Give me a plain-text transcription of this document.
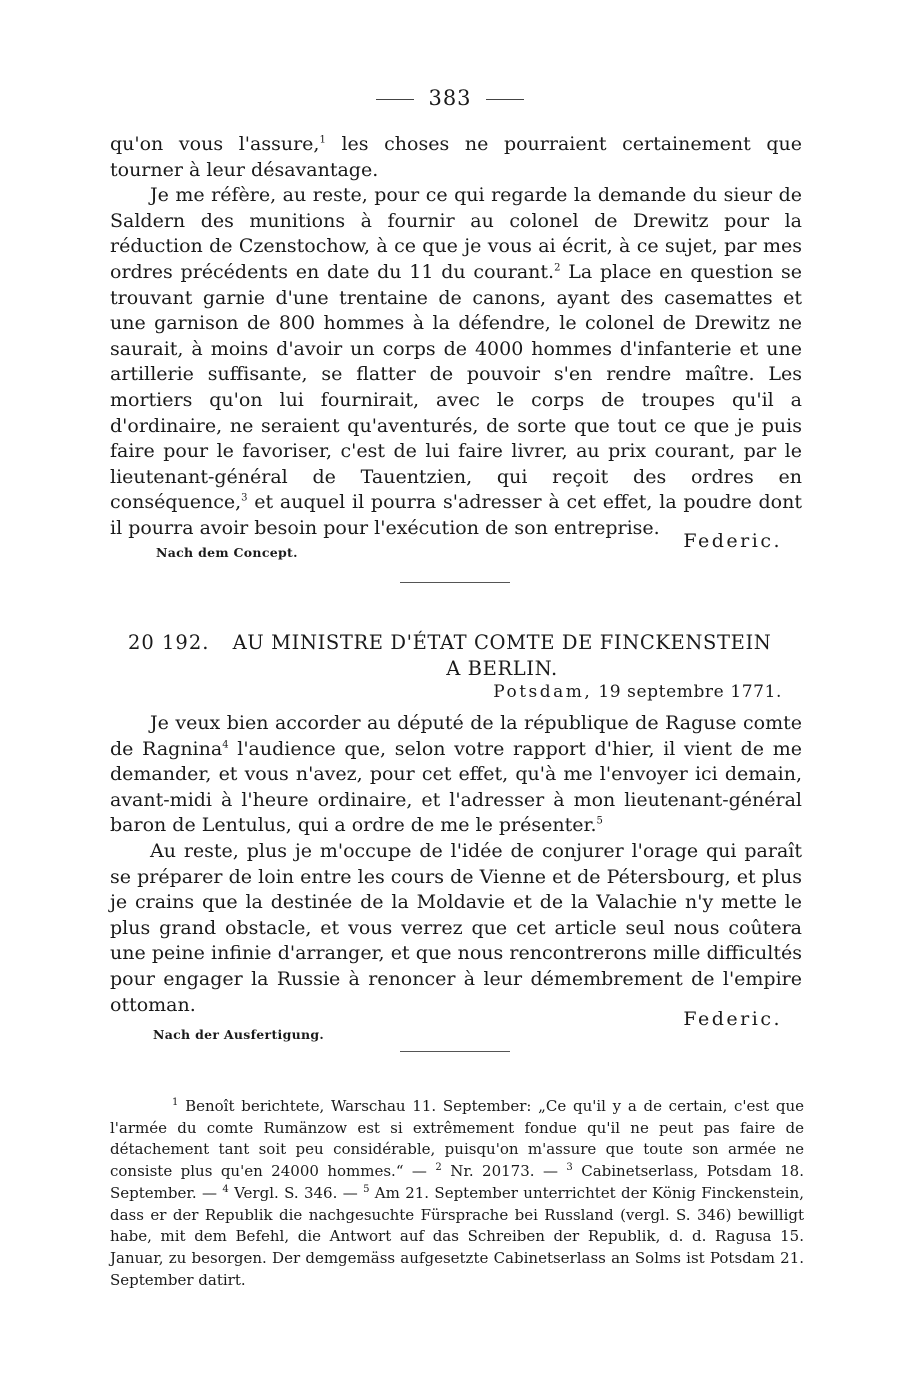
383

qu'on vous l'assure,$^1$ les choses ne pourraient certainement que tourner à leur désavantage.

Je me réfère, au reste, pour ce qui regarde la demande du sieur de Saldern des munitions à fournir au colonel de Drewitz pour la réduction de Czenstochow, à ce que je vous ai écrit, à ce sujet, par mes ordres précédents en date du 11 du courant.$^2$ La place en question se trouvant garnie d'une trentaine de canons, ayant des casemattes et une garnison de 800 hommes à la défendre, le colonel de Drewitz ne saurait, à moins d'avoir un corps de 4000 hommes d'infanterie et une artillerie suffisante, se flatter de pouvoir s'en rendre maître. Les mortiers qu'on lui fournirait, avec le corps de troupes qu'il a d'ordinaire, ne seraient qu'aventurés, de sorte que tout ce que je puis faire pour le favoriser, c'est de lui faire livrer, au prix courant, par le lieutenant-général de Tauentzien, qui reçoit des ordres en conséquence,$^3$ et auquel il pourra s'adresser à cet effet, la poudre dont il pourra avoir besoin pour l'exécution de son entreprise.

Federic.
Nach dem Concept.
20 192.	AU MINISTRE D'ÉTAT COMTE DE FINCKENSTEIN
A BERLIN.
Potsdam, 19 septembre 1771.

Je veux bien accorder au député de la république de Raguse comte de Ragnina$^4$ l'audience que, selon votre rapport d'hier, il vient de me demander, et vous n'avez, pour cet effet, qu'à me l'envoyer ici demain, avant-midi à l'heure ordinaire, et l'adresser à mon lieutenant-général baron de Lentulus, qui a ordre de me le présenter.$^5$

Au reste, plus je m'occupe de l'idée de conjurer l'orage qui paraît se préparer de loin entre les cours de Vienne et de Pétersbourg, et plus je crains que la destinée de la Moldavie et de la Valachie n'y mette le plus grand obstacle, et vous verrez que cet article seul nous coûtera une peine infinie d'arranger, et que nous rencontrerons mille difficultés pour engager la Russie à renoncer à leur démembrement de l'empire ottoman.

Federic.
Nach der Ausfertigung.

$^1$ Benoît berichtete, Warschau 11. September: „Ce qu'il y a de certain, c'est que l'armée du comte Rumänzow est si extrêmement fondue qu'il ne peut pas faire de détachement tant soit peu considérable, puisqu'on m'assure que toute son armée ne consiste plus qu'en 24000 hommes.“ — $^2$ Nr. 20173. — $^3$ Cabinetserlass, Potsdam 18. September. — $^4$ Vergl. S. 346. — $^5$ Am 21. September unterrichtet der König Finckenstein, dass er der Republik die nachgesuchte Fürsprache bei Russland (vergl. S. 346) bewilligt habe, mit dem Befehl, die Antwort auf das Schreiben der Republik, d. d. Ragusa 15. Januar, zu besorgen. Der demgemäss aufgesetzte Cabinetserlass an Solms ist Potsdam 21. September datirt.
